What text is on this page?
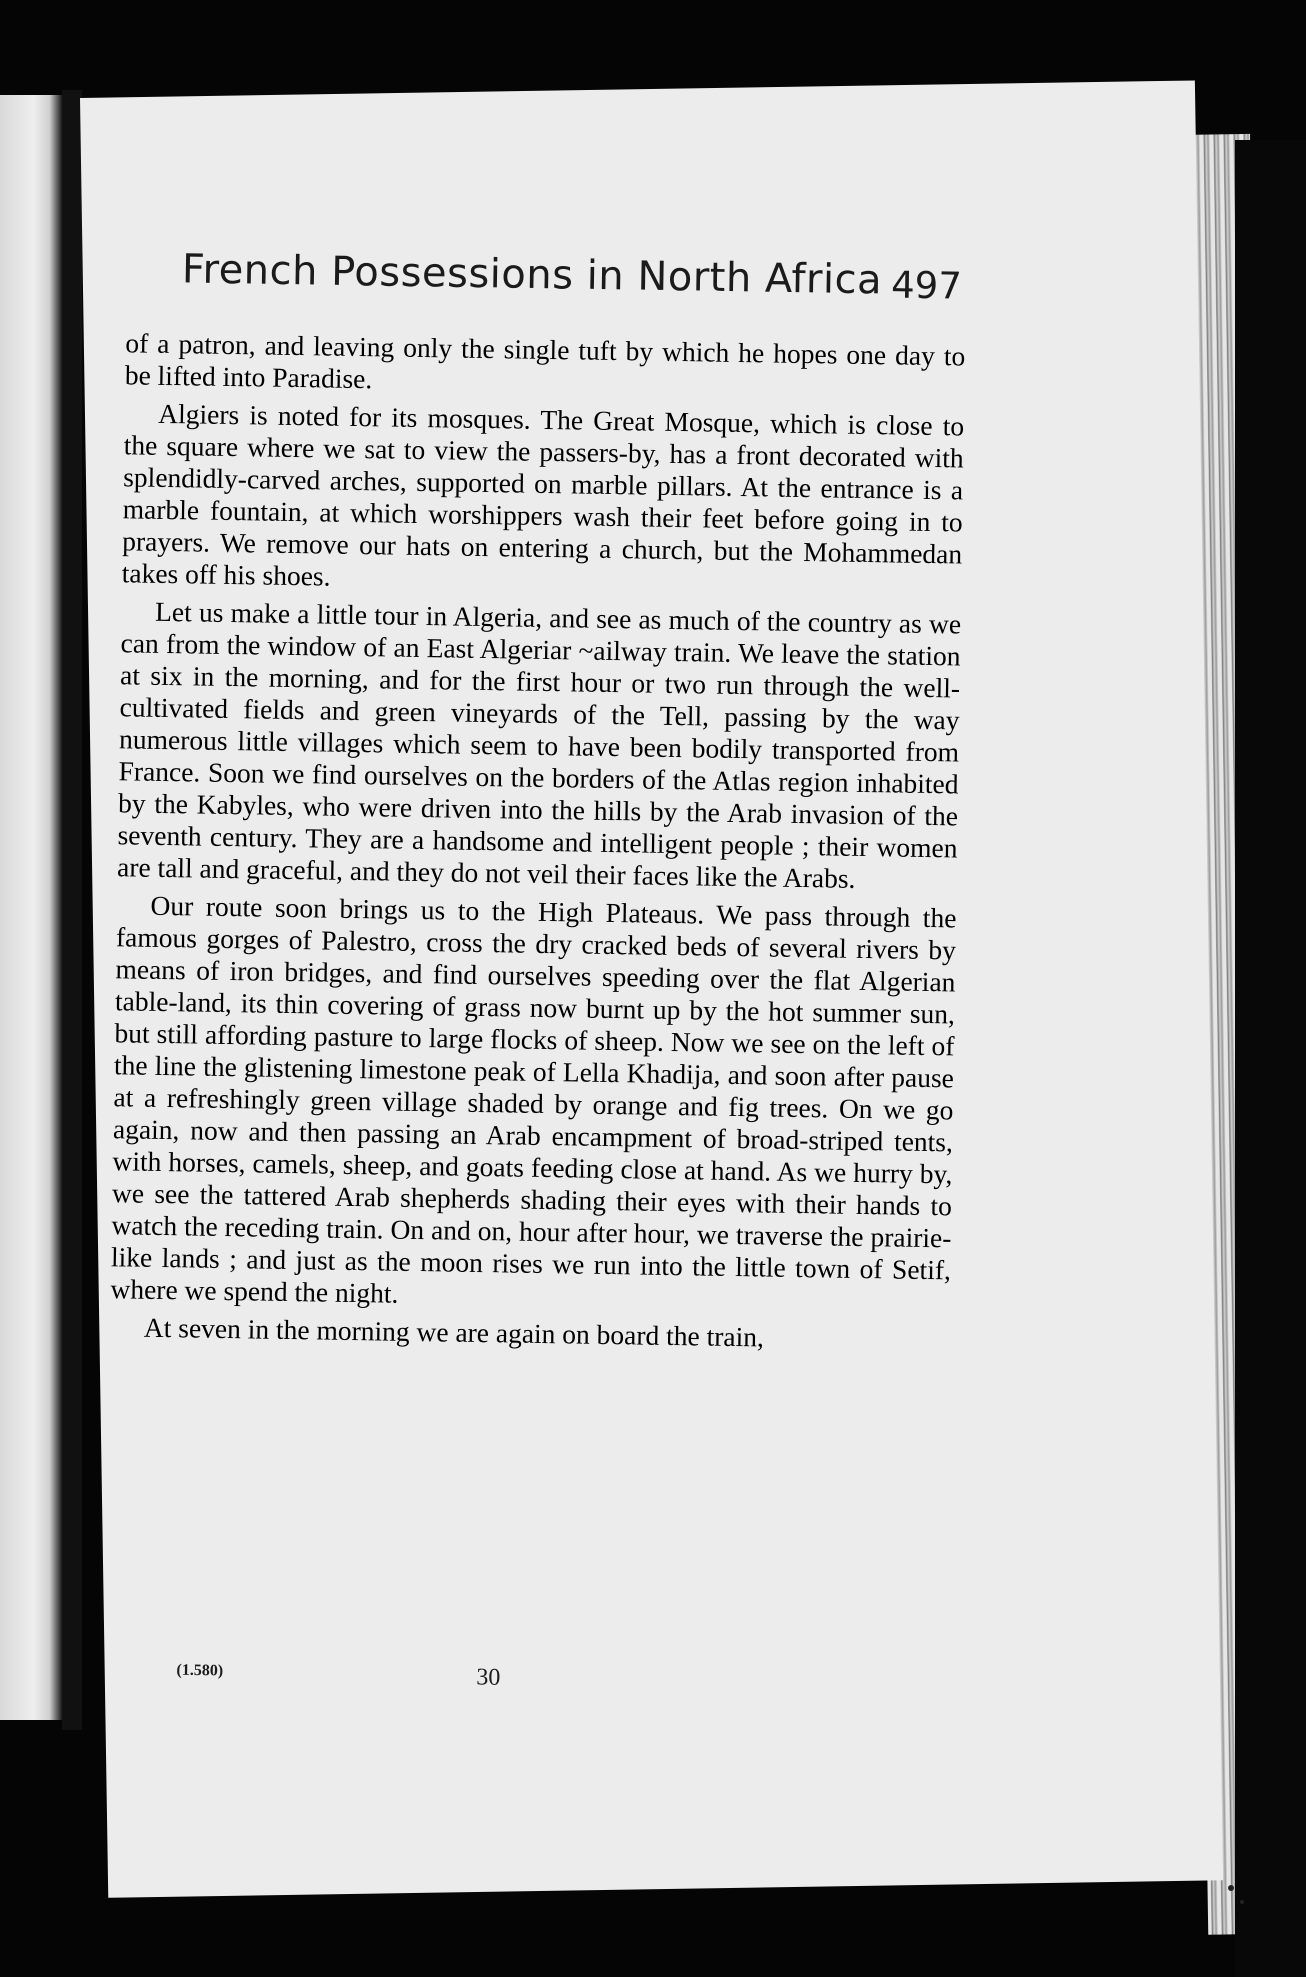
French Possessions in North Africa 497

of a patron, and leaving only the single tuft by which he hopes one day to be lifted into Paradise.

Algiers is noted for its mosques. The Great Mosque, which is close to the square where we sat to view the passers-by, has a front decorated with splendidly-carved arches, supported on marble pillars. At the entrance is a marble fountain, at which worshippers wash their feet before going in to prayers. We remove our hats on entering a church, but the Mohammedan takes off his shoes.

Let us make a little tour in Algeria, and see as much of the country as we can from the window of an East Algeriar ~ailway train. We leave the station at six in the morning, and for the first hour or two run through the well-cultivated fields and green vineyards of the Tell, passing by the way numerous little villages which seem to have been bodily transported from France. Soon we find ourselves on the borders of the Atlas region inhabited by the Kabyles, who were driven into the hills by the Arab invasion of the seventh century. They are a handsome and intelligent people ; their women are tall and graceful, and they do not veil their faces like the Arabs.

Our route soon brings us to the High Plateaus. We pass through the famous gorges of Palestro, cross the dry cracked beds of several rivers by means of iron bridges, and find ourselves speeding over the flat Algerian table-land, its thin covering of grass now burnt up by the hot summer sun, but still affording pasture to large flocks of sheep. Now we see on the left of the line the glistening limestone peak of Lella Khadija, and soon after pause at a refreshingly green village shaded by orange and fig trees. On we go again, now and then passing an Arab encampment of broad-striped tents, with horses, camels, sheep, and goats feeding close at hand. As we hurry by, we see the tattered Arab shepherds shading their eyes with their hands to watch the receding train. On and on, hour after hour, we traverse the prairie-like lands ; and just as the moon rises we run into the little town of Setif, where we spend the night.

At seven in the morning we are again on board the train,

(1.580)	30
